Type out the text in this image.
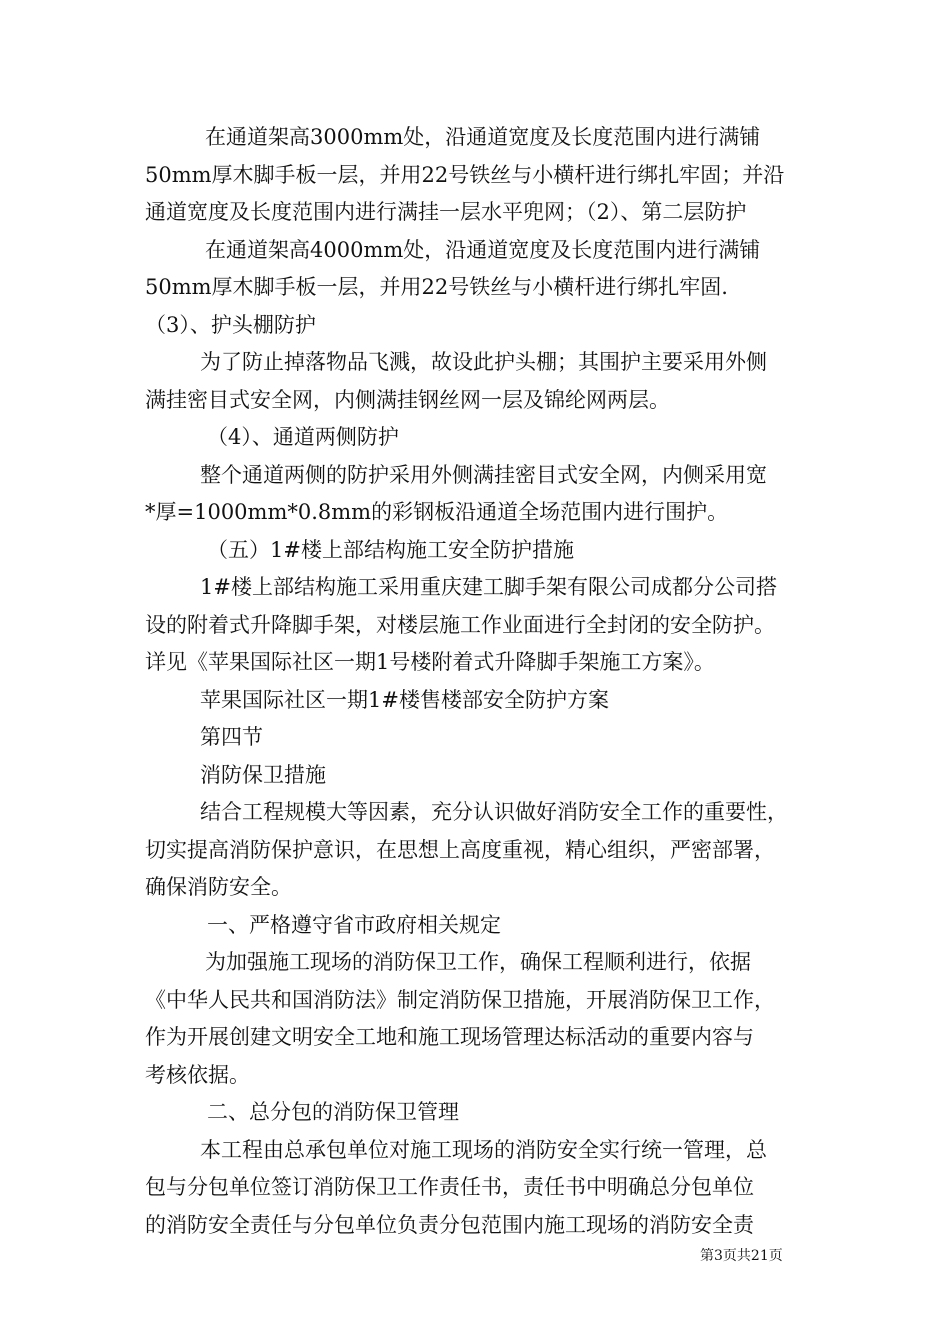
在通道架高3000mm处，沿通道宽度及长度范围内进行满铺
50mm厚木脚手板一层，并用22号铁丝与小横杆进行绑扎牢固；并沿
通道宽度及长度范围内进行满挂一层水平兜网；（2）、第二层防护
在通道架高4000mm处，沿通道宽度及长度范围内进行满铺
50mm厚木脚手板一层，并用22号铁丝与小横杆进行绑扎牢固.
（3）、护头棚防护
为了防止掉落物品飞溅，故设此护头棚；其围护主要采用外侧
满挂密目式安全网，内侧满挂钢丝网一层及锦纶网两层。
（4）、通道两侧防护
整个通道两侧的防护采用外侧满挂密目式安全网，内侧采用宽
*厚=1000mm*0.8mm的彩钢板沿通道全场范围内进行围护。
（五）1#楼上部结构施工安全防护措施
1#楼上部结构施工采用重庆建工脚手架有限公司成都分公司搭
设的附着式升降脚手架，对楼层施工作业面进行全封闭的安全防护。
详见《苹果国际社区一期1号楼附着式升降脚手架施工方案》。
苹果国际社区一期1#楼售楼部安全防护方案
第四节
消防保卫措施
结合工程规模大等因素，充分认识做好消防安全工作的重要性，
切实提高消防保护意识，在思想上高度重视，精心组织，严密部署，
确保消防安全。
一、严格遵守省市政府相关规定
为加强施工现场的消防保卫工作，确保工程顺利进行，依据
《中华人民共和国消防法》制定消防保卫措施，开展消防保卫工作，
作为开展创建文明安全工地和施工现场管理达标活动的重要内容与
考核依据。
二、总分包的消防保卫管理
本工程由总承包单位对施工现场的消防安全实行统一管理，总
包与分包单位签订消防保卫工作责任书，责任书中明确总分包单位
的消防安全责任与分包单位负责分包范围内施工现场的消防安全责
第3页共21页
